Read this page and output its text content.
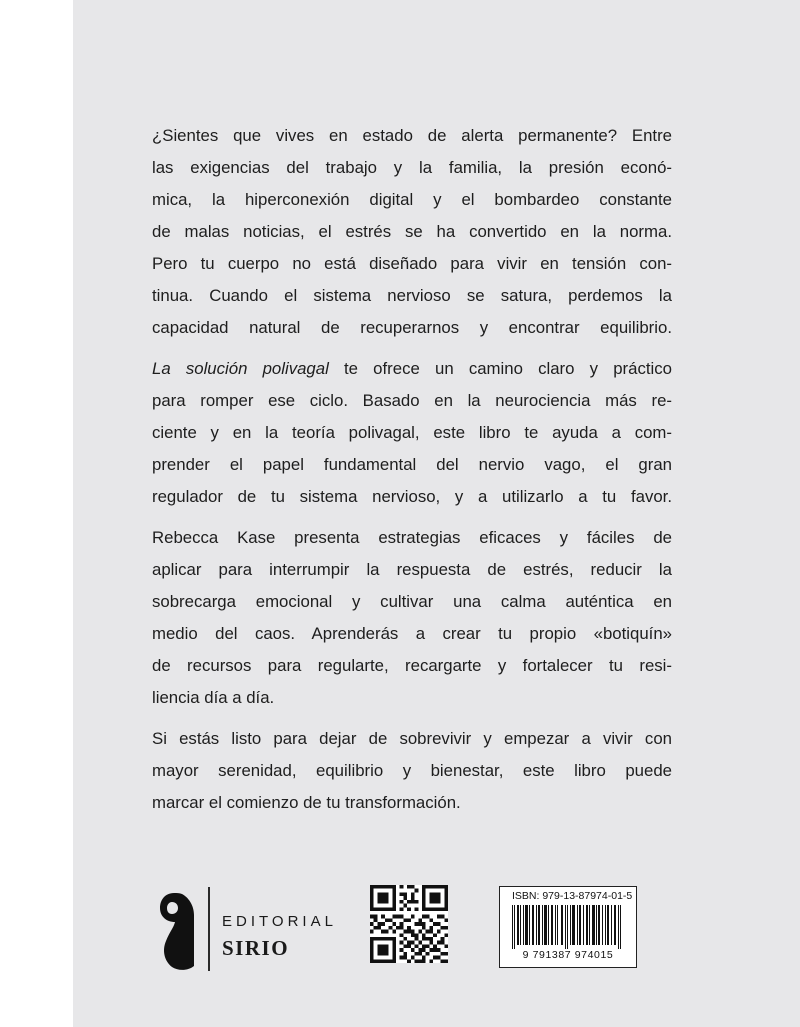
¿Sientes que vives en estado de alerta permanente? Entre
las exigencias del trabajo y la familia, la presión econó-
mica, la hiperconexión digital y el bombardeo constante
de malas noticias, el estrés se ha convertido en la norma.
Pero tu cuerpo no está diseñado para vivir en tensión con-
tinua. Cuando el sistema nervioso se satura, perdemos la
capacidad natural de recuperarnos y encontrar equilibrio.
La solución polivagal te ofrece un camino claro y práctico
para romper ese ciclo. Basado en la neurociencia más re-
ciente y en la teoría polivagal, este libro te ayuda a com-
prender el papel fundamental del nervio vago, el gran
regulador de tu sistema nervioso, y a utilizarlo a tu favor.
Rebecca Kase presenta estrategias eficaces y fáciles de
aplicar para interrumpir la respuesta de estrés, reducir la
sobrecarga emocional y cultivar una calma auténtica en
medio del caos. Aprenderás a crear tu propio «botiquín»
de recursos para regularte, recargarte y fortalecer tu resi-
liencia día a día.
Si estás listo para dejar de sobrevivir y empezar a vivir con
mayor serenidad, equilibrio y bienestar, este libro puede
marcar el comienzo de tu transformación.
EDITORIAL
SIRIO
ISBN: 979-13-87974-01-5
9 791387 974015
